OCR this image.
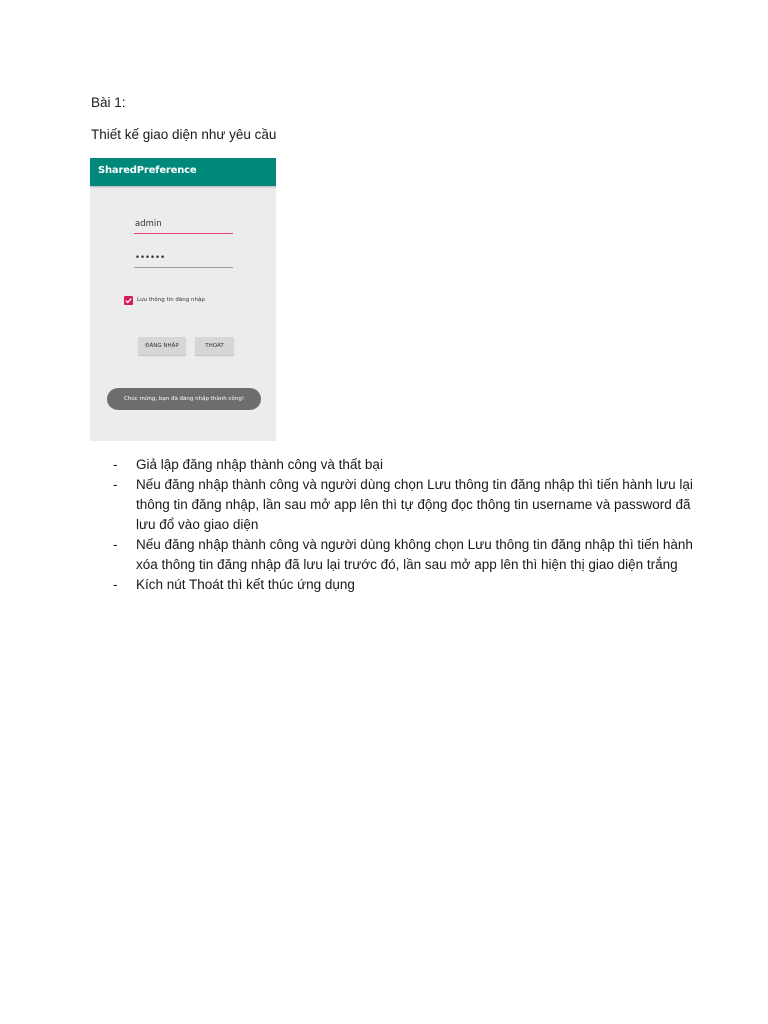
Bài 1:

Thiết kế giao diện như yêu cầu

SharedPreference
admin
••••••
Lưu thông tin đăng nhập
ĐĂNG NHẬP	THOÁT
Chúc mừng, bạn đã đăng nhập thành công!
- Giả lập đăng nhập thành công và thất bại
- Nếu đăng nhập thành công và người dùng chọn Lưu thông tin đăng nhập thì tiến hành lưu lại thông tin đăng nhập, lần sau mở app lên thì tự động đọc thông tin username và password đã lưu đổ vào giao diện
- Nếu đăng nhập thành công và người dùng không chọn Lưu thông tin đăng nhập thì tiến hành xóa thông tin đăng nhập đã lưu lại trước đó, lần sau mở app lên thì hiện thị giao diện trắng
- Kích nút Thoát thì kết thúc ứng dụng
